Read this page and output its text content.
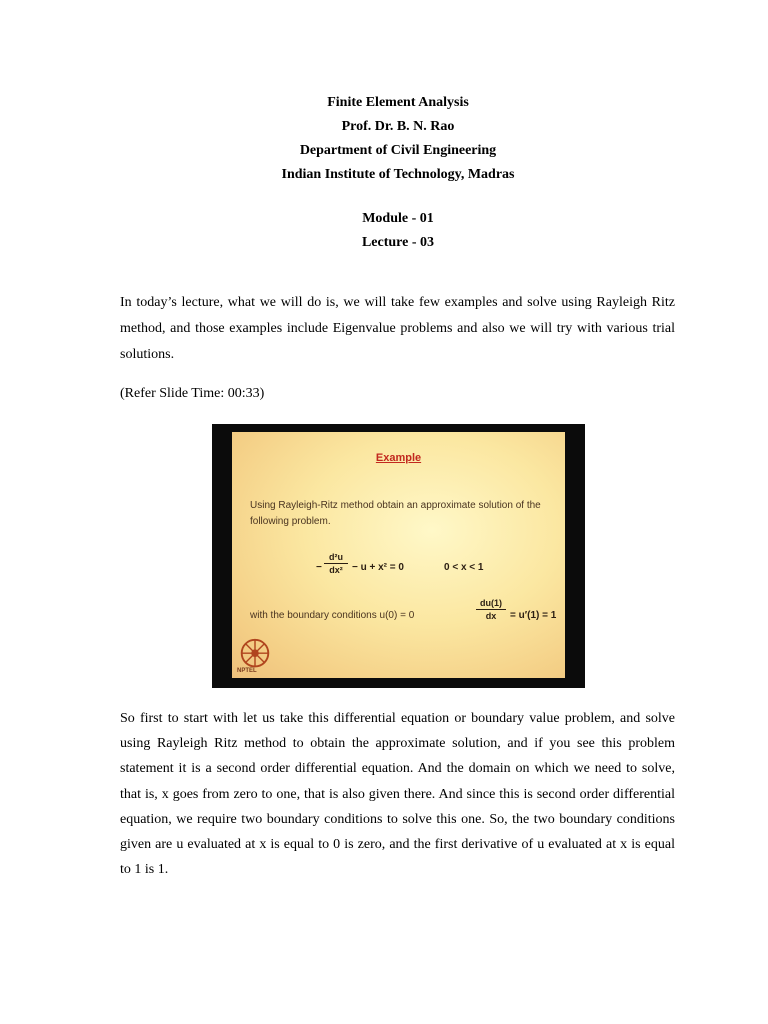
Finite Element Analysis
Prof. Dr. B. N. Rao
Department of Civil Engineering
Indian Institute of Technology, Madras
Module - 01
Lecture - 03

In today’s lecture, what we will do is, we will take few examples and solve using Rayleigh Ritz method, and those examples include Eigenvalue problems and also we will try with various trial solutions.

(Refer Slide Time: 00:33)

Example
Using Rayleigh-Ritz method obtain an approximate solution of the following problem.
−
d²u
dx² − u + x² = 0	0 < x < 1
with the boundary conditions u(0) = 0
du(1)
dx	= u′(1) = 1
NPTEL

So first to start with let us take this differential equation or boundary value problem, and solve using Rayleigh Ritz method to obtain the approximate solution, and if you see this problem statement it is a second order differential equation. And the domain on which we need to solve, that is, x goes from zero to one, that is also given there. And since this is second order differential equation, we require two boundary conditions to solve this one. So, the two boundary conditions given are u evaluated at x is equal to 0 is zero, and the first derivative of u evaluated at x is equal to 1 is 1.
